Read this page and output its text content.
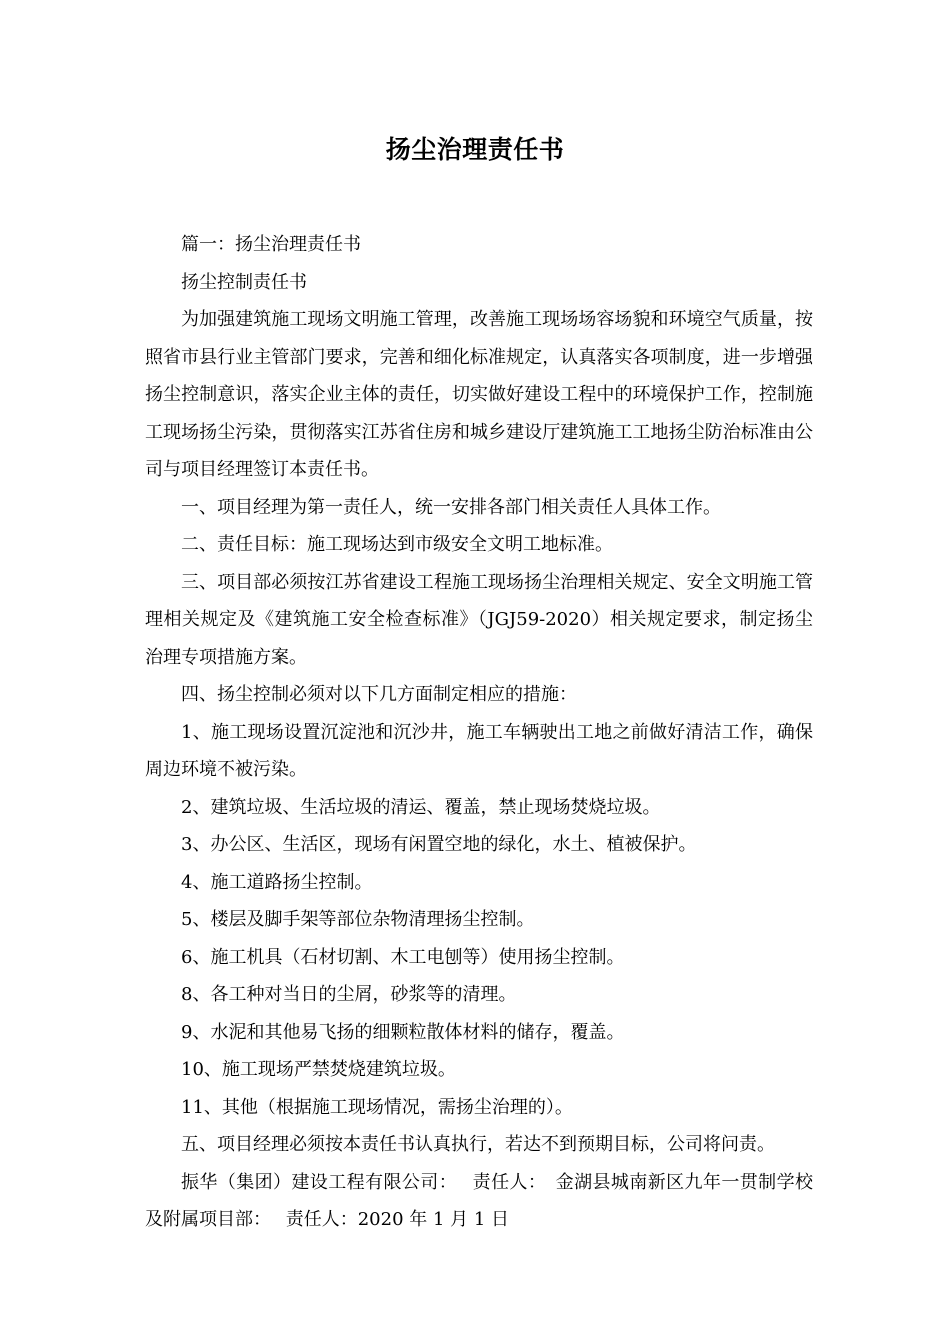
扬尘治理责任书

篇一：扬尘治理责任书

扬尘控制责任书

为加强建筑施工现场文明施工管理，改善施工现场场容场貌和环境空气质量，按照省市县行业主管部门要求，完善和细化标准规定，认真落实各项制度，进一步增强扬尘控制意识，落实企业主体的责任，切实做好建设工程中的环境保护工作，控制施工现场扬尘污染，贯彻落实江苏省住房和城乡建设厅建筑施工工地扬尘防治标准由公司与项目经理签订本责任书。

一、项目经理为第一责任人，统一安排各部门相关责任人具体工作。

二、责任目标：施工现场达到市级安全文明工地标准。

三、项目部必须按江苏省建设工程施工现场扬尘治理相关规定、安全文明施工管理相关规定及《建筑施工安全检查标准》（JGJ59-2020）相关规定要求，制定扬尘治理专项措施方案。

四、扬尘控制必须对以下几方面制定相应的措施：

1、施工现场设置沉淀池和沉沙井，施工车辆驶出工地之前做好清洁工作，确保周边环境不被污染。

2、建筑垃圾、生活垃圾的清运、覆盖，禁止现场焚烧垃圾。

3、办公区、生活区，现场有闲置空地的绿化，水土、植被保护。

4、施工道路扬尘控制。

5、楼层及脚手架等部位杂物清理扬尘控制。

6、施工机具（石材切割、木工电刨等）使用扬尘控制。

8、各工种对当日的尘屑，砂浆等的清理。

9、水泥和其他易飞扬的细颗粒散体材料的储存，覆盖。

10、施工现场严禁焚烧建筑垃圾。

11、其他（根据施工现场情况，需扬尘治理的）。

五、项目经理必须按本责任书认真执行，若达不到预期目标，公司将问责。

振华（集团）建设工程有限公司：　 责任人：　金湖县城南新区九年一贯制学校及附属项目部：　 责任人：2020 年 1 月 1 日
